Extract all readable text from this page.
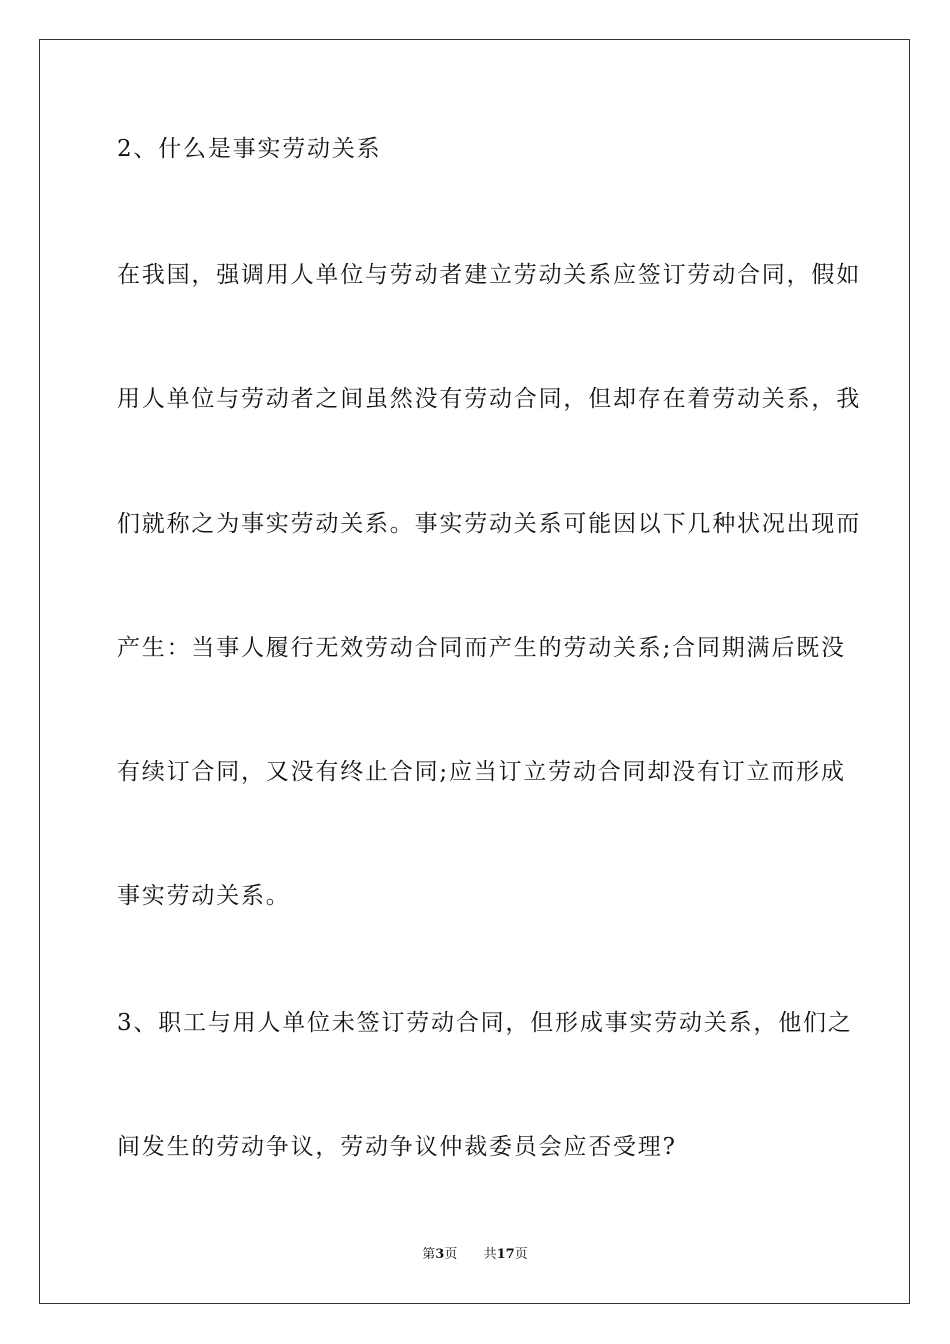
2、什么是事实劳动关系
在我国，强调用人单位与劳动者建立劳动关系应签订劳动合同，假如
用人单位与劳动者之间虽然没有劳动合同，但却存在着劳动关系，我
们就称之为事实劳动关系。事实劳动关系可能因以下几种状况出现而
产生：当事人履行无效劳动合同而产生的劳动关系;合同期满后既没
有续订合同，又没有终止合同;应当订立劳动合同却没有订立而形成
事实劳动关系。
3、职工与用人单位未签订劳动合同，但形成事实劳动关系，他们之
间发生的劳动争议，劳动争议仲裁委员会应否受理?
第3页 共17页
